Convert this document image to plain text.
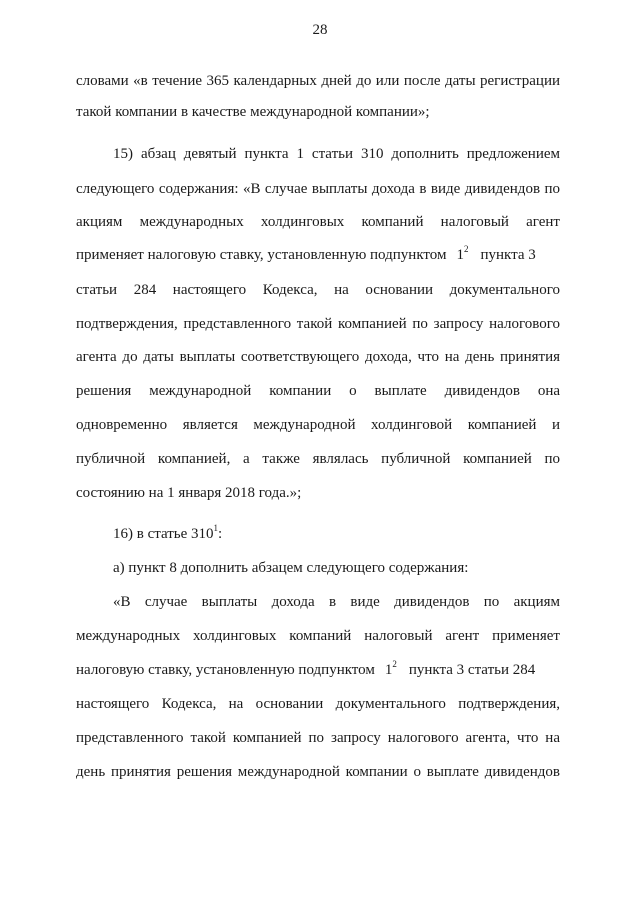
28
словами «в течение 365 календарных дней до или после даты регистрации
такой компании в качестве международной компании»;
15) абзац девятый пункта 1 статьи 310 дополнить предложением
следующего содержания: «В случае выплаты дохода в виде дивидендов по
акциям международных холдинговых компаний налоговый агент
применяет налоговую ставку, установленную подпунктом $1^2$ пункта 3
статьи 284 настоящего Кодекса, на основании документального
подтверждения, представленного такой компанией по запросу налогового
агента до даты выплаты соответствующего дохода, что на день принятия
решения международной компании о выплате дивидендов она
одновременно является международной холдинговой компанией и
публичной компанией, а также являлась публичной компанией по
состоянию на 1 января 2018 года.»;
16) в статье $310^1$:
а) пункт 8 дополнить абзацем следующего содержания:
«В случае выплаты дохода в виде дивидендов по акциям
международных холдинговых компаний налоговый агент применяет
налоговую ставку, установленную подпунктом $1^2$ пункта 3 статьи 284
настоящего Кодекса, на основании документального подтверждения,
представленного такой компанией по запросу налогового агента, что на
день принятия решения международной компании о выплате дивидендов
